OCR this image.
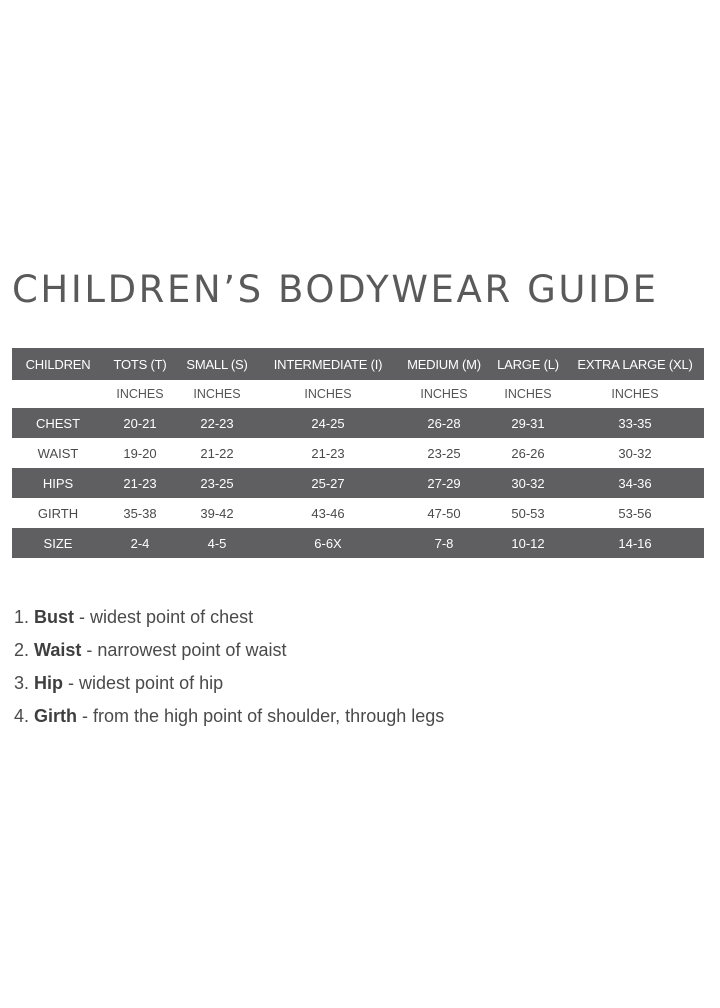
CHILDREN’S BODYWEAR GUIDE
CHILDREN	TOTS (T)	SMALL (S)	INTERMEDIATE (I)	MEDIUM (M)	LARGE (L)	EXTRA LARGE (XL)
	INCHES	INCHES	INCHES	INCHES	INCHES	INCHES
CHEST	20-21	22-23	24-25	26-28	29-31	33-35
WAIST	19-20	21-22	21-23	23-25	26-26	30-32
HIPS	21-23	23-25	25-27	27-29	30-32	34-36
GIRTH	35-38	39-42	43-46	47-50	50-53	53-56
SIZE	2-4	4-5	6-6X	7-8	10-12	14-16
1. Bust - widest point of chest
2. Waist - narrowest point of waist
3. Hip - widest point of hip
4. Girth - from the high point of shoulder, through legs
